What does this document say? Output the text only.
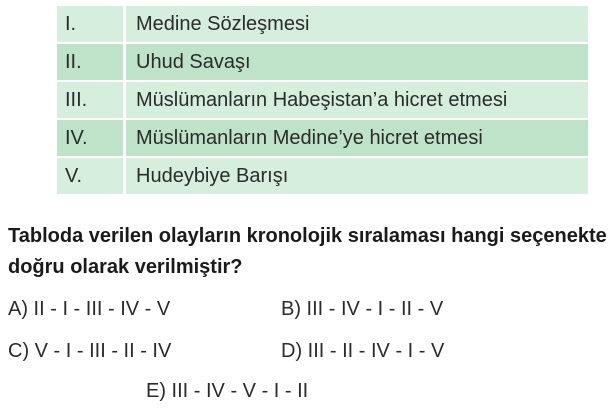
I.	Medine Sözleşmesi
II.	Uhud Savaşı
III.	Müslümanların Habeşistan’a hicret etmesi
IV.	Müslümanların Medine’ye hicret etmesi
V.	Hudeybiye Barışı

Tabloda verilen olayların kronolojik sıralaması hangi seçenekte doğru olarak verilmiştir?

A) II - I - III - IV - V	B) III - IV - I - II - V
C) V - I - III - II - IV	D) III - II - IV - I - V
E) III - IV - V - I - II
